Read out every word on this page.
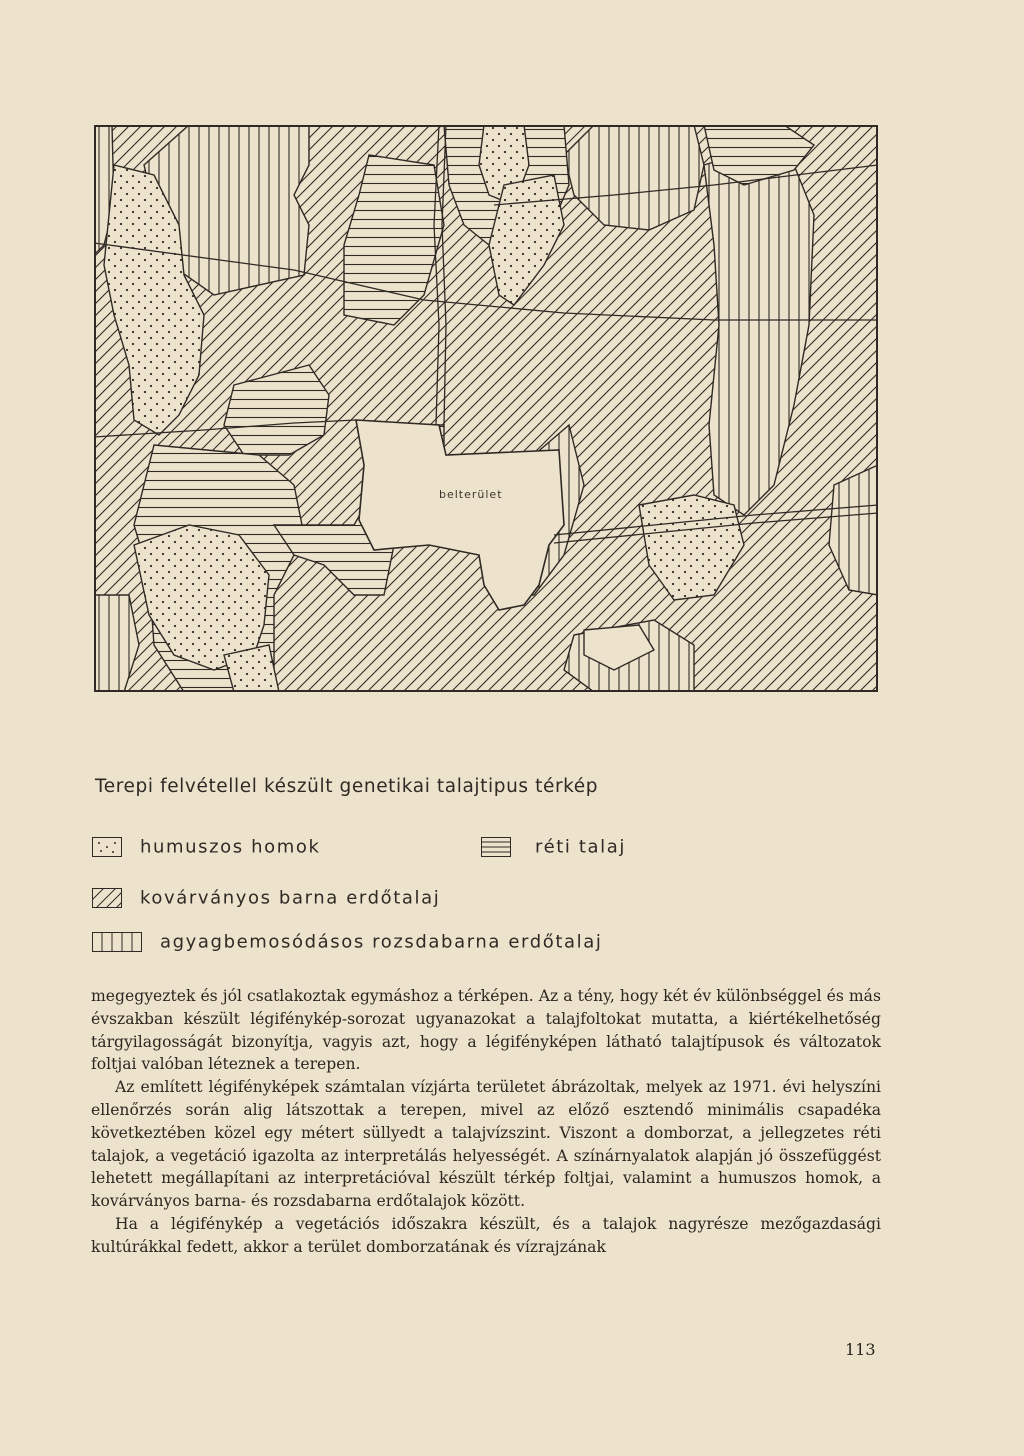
belterület
Terepi felvétellel készült genetikai talajtipus térkép
humuszos homok	réti talaj
kovárványos barna erdőtalaj
agyagbemosódásos rozsdabarna erdőtalaj

megegyeztek és jól csatlakoztak egymáshoz a térképen. Az a tény, hogy két év különbséggel és más évszakban készült légifénykép-sorozat ugyanazokat a talajfoltokat mutatta, a kiértékelhetőség tárgyilagosságát bizonyítja, vagyis azt, hogy a légifényképen látható talajtípusok és változatok foltjai valóban léteznek a terepen.

Az említett légifényképek számtalan vízjárta területet ábrázoltak, melyek az 1971. évi helyszíni ellenőrzés során alig látszottak a terepen, mivel az előző esztendő minimális csapadéka következtében közel egy métert süllyedt a talajvízszint. Viszont a domborzat, a jellegzetes réti talajok, a vegetáció igazolta az interpretálás helyességét. A színárnyalatok alapján jó összefüggést lehetett megállapítani az interpretációval készült térkép foltjai, valamint a humuszos homok, a kovárványos barna- és rozsdabarna erdőtalajok között.

Ha a légifénykép a vegetációs időszakra készült, és a talajok nagyrésze mezőgazdasági kultúrákkal fedett, akkor a terület domborzatának és vízrajzának

113
